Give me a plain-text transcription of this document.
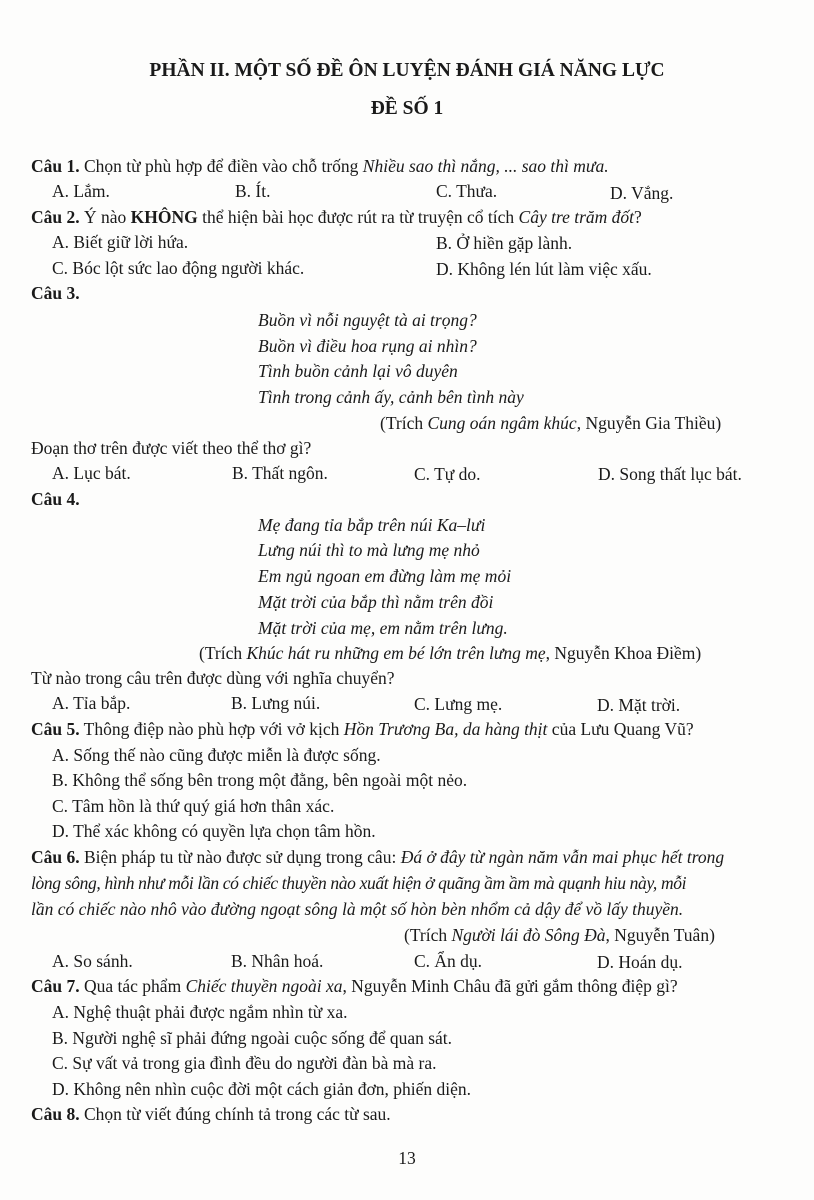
PHẦN II. MỘT SỐ ĐỀ ÔN LUYỆN ĐÁNH GIÁ NĂNG LỰC
ĐỀ SỐ 1
Câu 1. Chọn từ phù hợp để điền vào chỗ trống Nhiều sao thì nắng, ... sao thì mưa.
A. Lắm.	B. Ít.	C. Thưa.	D. Vắng.
Câu 2. Ý nào KHÔNG thể hiện bài học được rút ra từ truyện cổ tích Cây tre trăm đốt?
A. Biết giữ lời hứa.	B. Ở hiền gặp lành.
C. Bóc lột sức lao động người khác.	D. Không lén lút làm việc xấu.
Câu 3.
Buồn vì nỗi nguyệt tà ai trọng?
Buồn vì điều hoa rụng ai nhìn?
Tình buồn cảnh lại vô duyên
Tình trong cảnh ấy, cảnh bên tình này
(Trích Cung oán ngâm khúc, Nguyễn Gia Thiều)
Đoạn thơ trên được viết theo thể thơ gì?
A. Lục bát.	B. Thất ngôn.	C. Tự do.	D. Song thất lục bát.
Câu 4.
Mẹ đang tỉa bắp trên núi Ka–lưi
Lưng núi thì to mà lưng mẹ nhỏ
Em ngủ ngoan em đừng làm mẹ mỏi
Mặt trời của bắp thì nằm trên đồi
Mặt trời của mẹ, em nằm trên lưng.
(Trích Khúc hát ru những em bé lớn trên lưng mẹ, Nguyễn Khoa Điềm)
Từ nào trong câu trên được dùng với nghĩa chuyển?
A. Tỉa bắp.	B. Lưng núi.	C. Lưng mẹ.	D. Mặt trời.
Câu 5. Thông điệp nào phù hợp với vở kịch Hồn Trương Ba, da hàng thịt của Lưu Quang Vũ?
A. Sống thế nào cũng được miễn là được sống.
B. Không thể sống bên trong một đằng, bên ngoài một nẻo.
C. Tâm hồn là thứ quý giá hơn thân xác.
D. Thể xác không có quyền lựa chọn tâm hồn.
Câu 6. Biện pháp tu từ nào được sử dụng trong câu: Đá ở đây từ ngàn năm vẫn mai phục hết trong
lòng sông, hình như mỗi lần có chiếc thuyền nào xuất hiện ở quãng ầm ầm mà quạnh hiu này, mỗi
lần có chiếc nào nhô vào đường ngoạt sông là một số hòn bèn nhổm cả dậy để vồ lấy thuyền.
(Trích Người lái đò Sông Đà, Nguyễn Tuân)
A. So sánh.	B. Nhân hoá.	C. Ẩn dụ.	D. Hoán dụ.
Câu 7. Qua tác phẩm Chiếc thuyền ngoài xa, Nguyễn Minh Châu đã gửi gắm thông điệp gì?
A. Nghệ thuật phải được ngắm nhìn từ xa.
B. Người nghệ sĩ phải đứng ngoài cuộc sống để quan sát.
C. Sự vất vả trong gia đình đều do người đàn bà mà ra.
D. Không nên nhìn cuộc đời một cách giản đơn, phiến diện.
Câu 8. Chọn từ viết đúng chính tả trong các từ sau.
13
